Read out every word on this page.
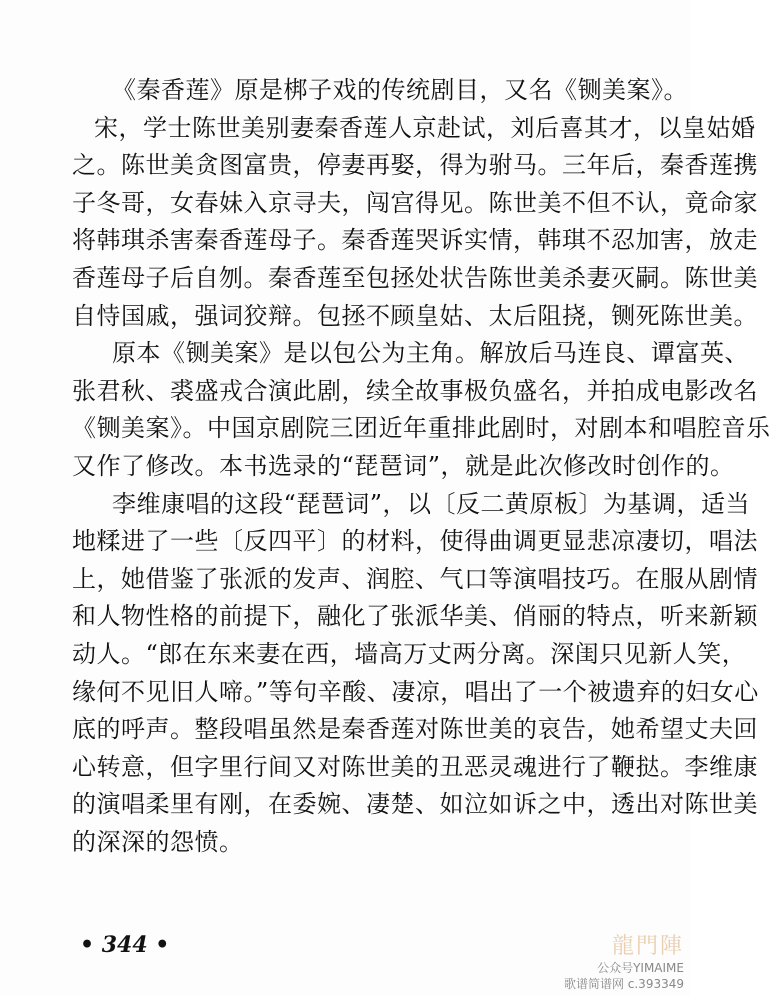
《秦香莲》原是梆子戏的传统剧目，又名《铡美案》。
宋，学士陈世美别妻秦香莲人京赴试，刘后喜其才，以皇姑婚
之。陈世美贪图富贵，停妻再娶，得为驸马。三年后，秦香莲携
子冬哥，女春妹入京寻夫，闯宫得见。陈世美不但不认，竟命家
将韩琪杀害秦香莲母子。秦香莲哭诉实情，韩琪不忍加害，放走
香莲母子后自刎。秦香莲至包拯处状告陈世美杀妻灭嗣。陈世美
自恃国戚，强词狡辩。包拯不顾皇姑、太后阻挠，铡死陈世美。
原本《铡美案》是以包公为主角。解放后马连良、谭富英、
张君秋、裘盛戎合演此剧，续全故事极负盛名，并拍成电影改名
《铡美案》。中国京剧院三团近年重排此剧时，对剧本和唱腔音乐
又作了修改。本书选录的“琵琶词”，就是此次修改时创作的。
李维康唱的这段“琵琶词”，以〔反二黄原板〕为基调，适当
地糅进了一些〔反四平〕的材料，使得曲调更显悲凉凄切，唱法
上，她借鉴了张派的发声、润腔、气口等演唱技巧。在服从剧情
和人物性格的前提下，融化了张派华美、俏丽的特点，听来新颖
动人。“郎在东来妻在西，墙高万丈两分离。深闺只见新人笑，
缘何不见旧人啼。”等句辛酸、凄凉，唱出了一个被遗弃的妇女心
底的呼声。整段唱虽然是秦香莲对陈世美的哀告，她希望丈夫回
心转意，但字里行间又对陈世美的丑恶灵魂进行了鞭挞。李维康
的演唱柔里有刚，在委婉、凄楚、如泣如诉之中，透出对陈世美
的深深的怨愤。
• 344 •	龍門陣
公众号YIMAIME
歌谱简谱网 c.393349
